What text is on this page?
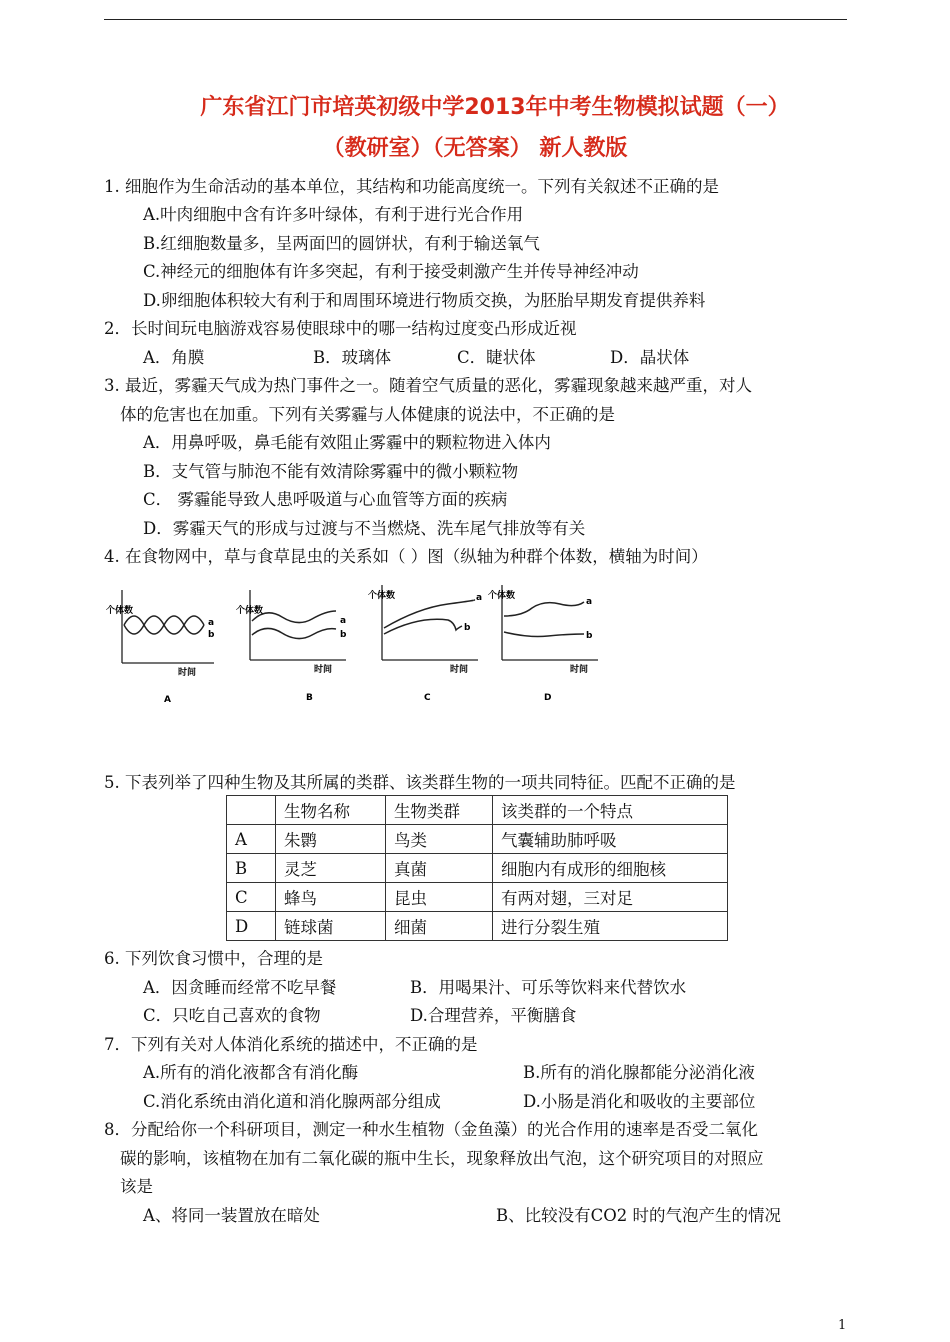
广东省江门市培英初级中学2013年中考生物模拟试题（一）
（教研室）（无答案） 新人教版
1. 细胞作为生命活动的基本单位，其结构和功能高度统一。下列有关叙述不正确的是
A.叶肉细胞中含有许多叶绿体，有利于进行光合作用
B.红细胞数量多，呈两面凹的圆饼状，有利于输送氧气
C.神经元的细胞体有许多突起，有利于接受刺激产生并传导神经冲动
D.卵细胞体积较大有利于和周围环境进行物质交换，为胚胎早期发育提供养料
2．长时间玩电脑游戏容易使眼球中的哪一结构过度变凸形成近视
A．角膜	B．玻璃体	C．睫状体	D．晶状体
3. 最近，雾霾天气成为热门事件之一。随着空气质量的恶化，雾霾现象越来越严重，对人
体的危害也在加重。下列有关雾霾与人体健康的说法中，不正确的是
A．用鼻呼吸，鼻毛能有效阻止雾霾中的颗粒物进入体内
B．支气管与肺泡不能有效清除雾霾中的微小颗粒物
C． 雾霾能导致人患呼吸道与心血管等方面的疾病
D．雾霾天气的形成与过渡与不当燃烧、洗车尾气排放等有关
4. 在食物网中，草与食草昆虫的关系如（ ）图（纵轴为种群个体数，横轴为时间）
个体数
a
b
时间
A
个体数
a
b
时间
B
个体数	a
b
时间
C
个体数
a
b
时间
D
5. 下表列举了四种生物及其所属的类群、该类群生物的一项共同特征。匹配不正确的是
	生物名称	生物类群	该类群的一个特点
A	朱鹮	鸟类	气囊辅助肺呼吸
B	灵芝	真菌	细胞内有成形的细胞核
C	蜂鸟	昆虫	有两对翅，三对足
D	链球菌	细菌	进行分裂生殖
6. 下列饮食习惯中，合理的是
A．因贪睡而经常不吃早餐	B．用喝果汁、可乐等饮料来代替饮水
C．只吃自己喜欢的食物	D.合理营养，平衡膳食
7．下列有关对人体消化系统的描述中，不正确的是
A.所有的消化液都含有消化酶	B.所有的消化腺都能分泌消化液
C.消化系统由消化道和消化腺两部分组成	D.小肠是消化和吸收的主要部位
8．分配给你一个科研项目，测定一种水生植物（金鱼藻）的光合作用的速率是否受二氧化
碳的影响，该植物在加有二氧化碳的瓶中生长，现象释放出气泡，这个研究项目的对照应
该是
A、将同一装置放在暗处	B、比较没有CO2 时的气泡产生的情况
1
